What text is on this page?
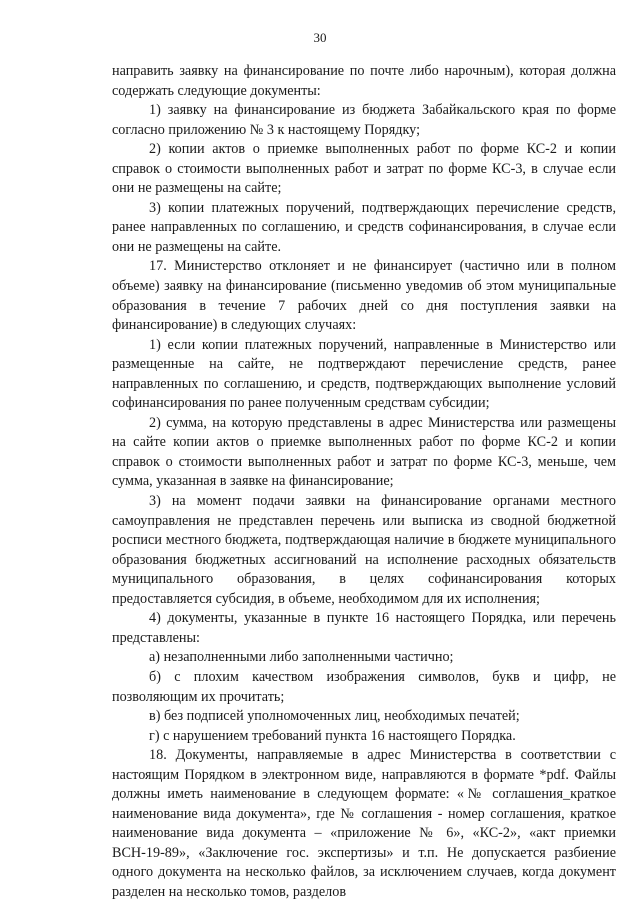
30

направить заявку на финансирование по почте либо нарочным), которая должна содержать следующие документы:

1) заявку на финансирование из бюджета Забайкальского края по форме согласно приложению № 3 к настоящему Порядку;

2) копии актов о приемке выполненных работ по форме КС-2 и копии справок о стоимости выполненных работ и затрат по форме КС-3, в случае если они не размещены на сайте;

3) копии платежных поручений, подтверждающих перечисление средств, ранее направленных по соглашению, и средств софинансирования, в случае если они не размещены на сайте.

17. Министерство отклоняет и не финансирует (частично или в полном объеме) заявку на финансирование (письменно уведомив об этом муниципальные образования в течение 7 рабочих дней со дня поступления заявки на финансирование) в следующих случаях:

1) если копии платежных поручений, направленные в Министерство или размещенные на сайте, не подтверждают перечисление средств, ранее направленных по соглашению, и средств, подтверждающих выполнение условий софинансирования по ранее полученным средствам субсидии;

2) сумма, на которую представлены в адрес Министерства или размещены на сайте копии актов о приемке выполненных работ по форме КС-2 и копии справок о стоимости выполненных работ и затрат по форме КС-3, меньше, чем сумма, указанная в заявке на финансирование;

3) на момент подачи заявки на финансирование органами местного самоуправления не представлен перечень или выписка из сводной бюджетной росписи местного бюджета, подтверждающая наличие в бюджете муниципального образования бюджетных ассигнований на исполнение расходных обязательств муниципального образования, в целях софинансирования которых предоставляется субсидия, в объеме, необходимом для их исполнения;

4) документы, указанные в пункте 16 настоящего Порядка, или перечень представлены:

а) незаполненными либо заполненными частично;

б) с плохим качеством изображения символов, букв и цифр, не позволяющим их прочитать;

в) без подписей уполномоченных лиц, необходимых печатей;

г) с нарушением требований пункта 16 настоящего Порядка.

18. Документы, направляемые в адрес Министерства в соответствии с настоящим Порядком в электронном виде, направляются в формате *pdf. Файлы должны иметь наименование в следующем формате: «№ соглашения_краткое наименование вида документа», где № соглашения - номер соглашения, краткое наименование вида документа – «приложение № 6», «КС-2», «акт приемки ВСН-19-89», «Заключение гос. экспертизы» и т.п. Не допускается разбиение одного документа на несколько файлов, за исключением случаев, когда документ разделен на несколько томов, разделов
